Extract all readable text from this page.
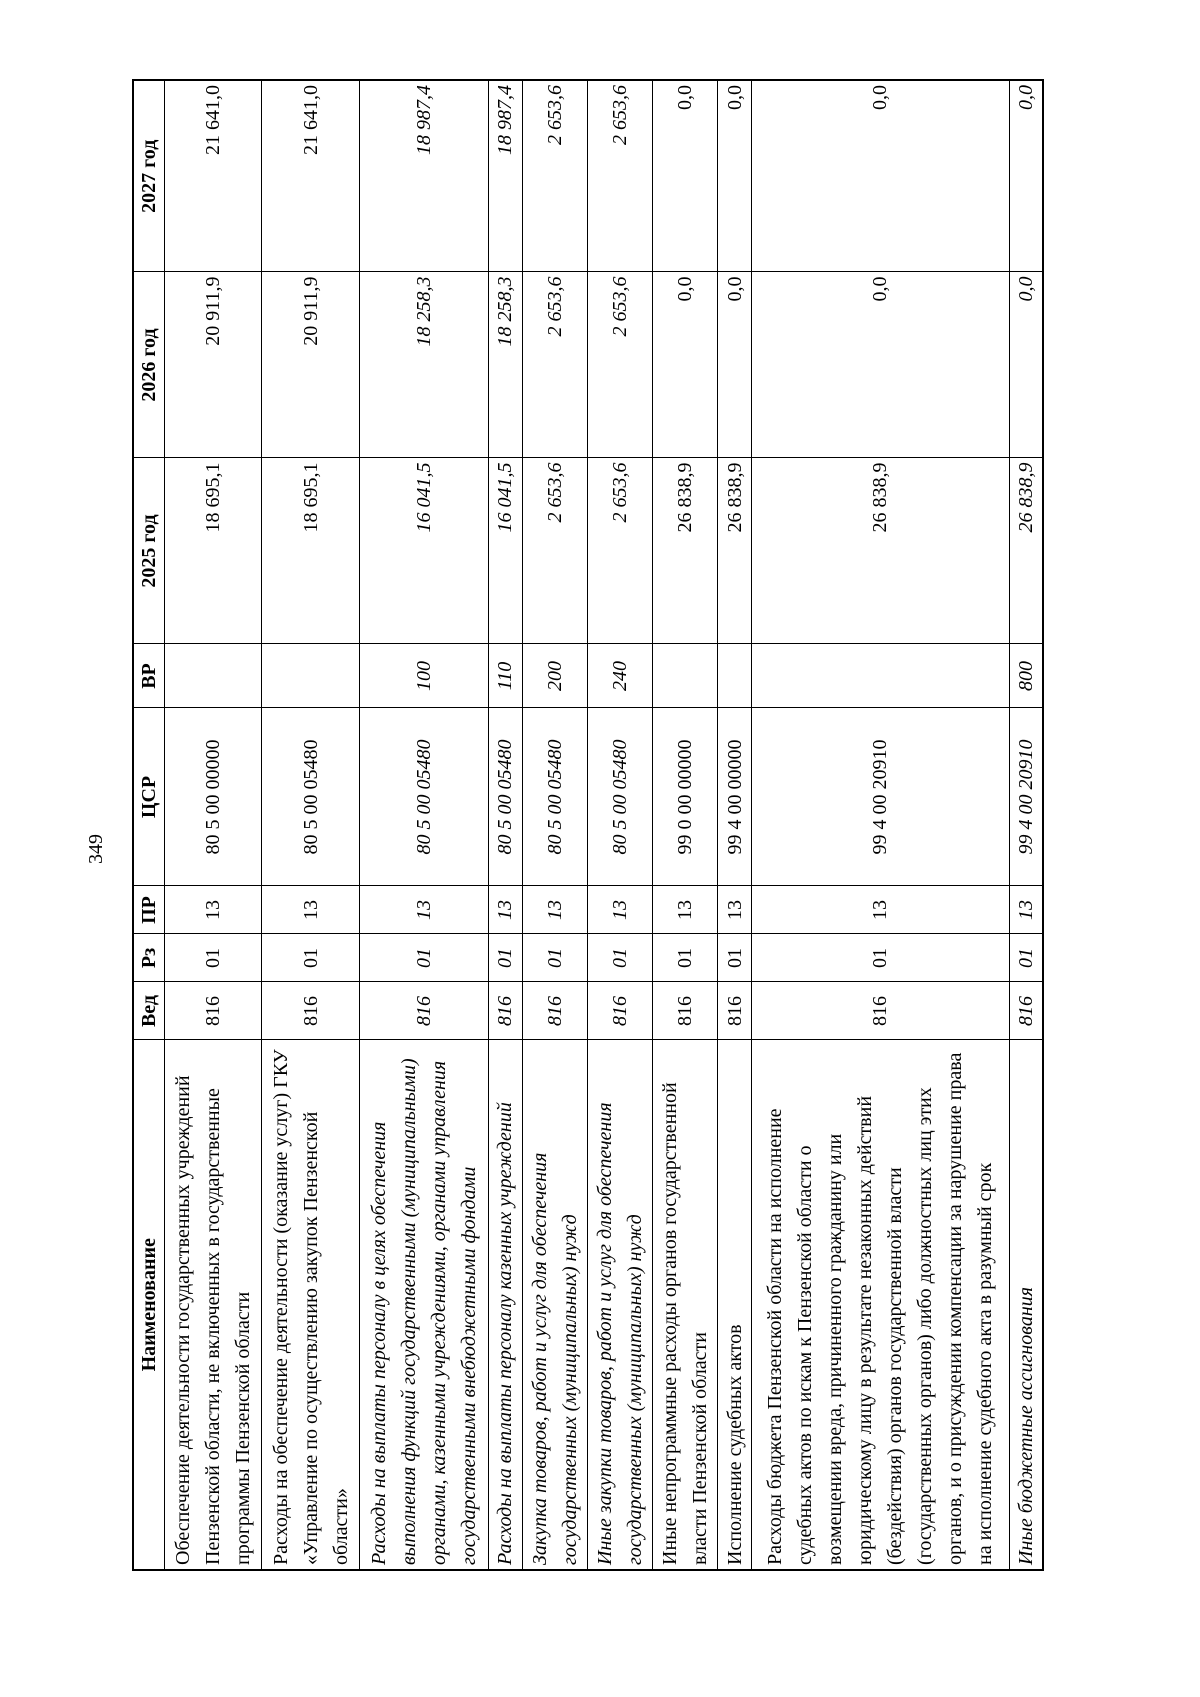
349
Наименование	Вед	Рз	ПР	ЦСР	ВР	2025 год	2026 год	2027 год
Обеспечение деятельности государственных учреждений Пензенской области, не включенных в государственные программы Пензенской области	816	01	13	80 5 00 00000		18 695,1	20 911,9	21 641,0
Расходы на обеспечение деятельности (оказание услуг) ГКУ «Управление по осуществлению закупок Пензенской области»	816	01	13	80 5 00 05480		18 695,1	20 911,9	21 641,0
Расходы на выплаты персоналу в целях обеспечения выполнения функций государственными (муниципальными) органами, казенными учреждениями, органами управления государственными внебюджетными фондами	816	01	13	80 5 00 05480	100	16 041,5	18 258,3	18 987,4
Расходы на выплаты персоналу казенных учреждений	816	01	13	80 5 00 05480	110	16 041,5	18 258,3	18 987,4
Закупка товаров, работ и услуг для обеспечения государственных (муниципальных) нужд	816	01	13	80 5 00 05480	200	2 653,6	2 653,6	2 653,6
Иные закупки товаров, работ и услуг для обеспечения государственных (муниципальных) нужд	816	01	13	80 5 00 05480	240	2 653,6	2 653,6	2 653,6
Иные непрограммные расходы органов государственной власти Пензенской области	816	01	13	99 0 00 00000		26 838,9	0,0	0,0
Исполнение судебных актов	816	01	13	99 4 00 00000		26 838,9	0,0	0,0
Расходы бюджета Пензенской области на исполнение судебных актов по искам к Пензенской области о возмещении вреда, причиненного гражданину или юридическому лицу в результате незаконных действий (бездействия) органов государственной власти (государственных органов) либо должностных лиц этих органов, и о присуждении компенсации за нарушение права на исполнение судебного акта в разумный срок	816	01	13	99 4 00 20910		26 838,9	0,0	0,0
Иные бюджетные ассигнования	816	01	13	99 4 00 20910	800	26 838,9	0,0	0,0
